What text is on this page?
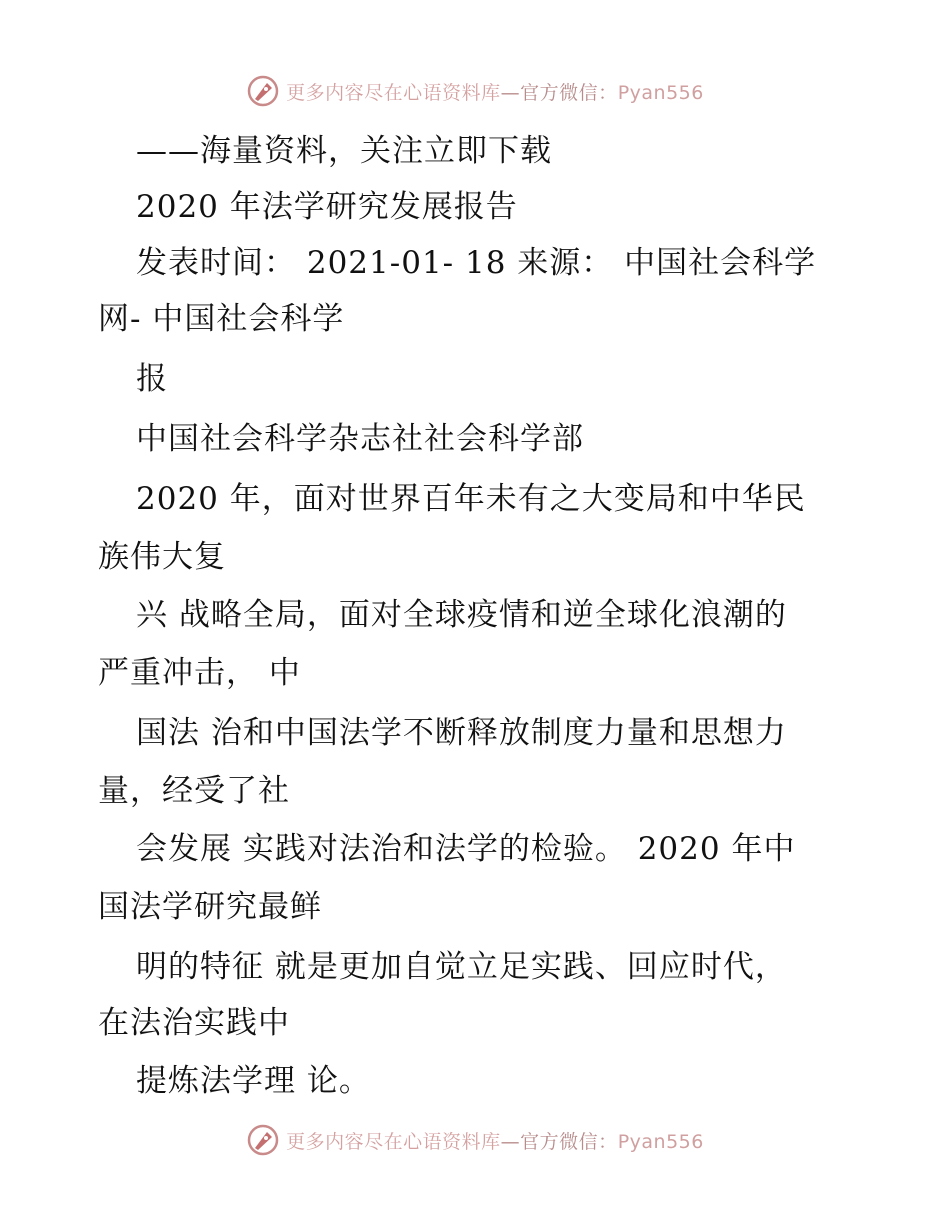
更多内容尽在心语资料库—官方微信：Pyan556
——海量资料，关注立即下载
2020 年法学研究发展报告
发表时间： 2021-01- 18 来源： 中国社会科学
网- 中国社会科学
报
中国社会科学杂志社社会科学部
2020 年，面对世界百年未有之大变局和中华民
族伟大复
兴 战略全局，面对全球疫情和逆全球化浪潮的
严重冲击， 中
国法 治和中国法学不断释放制度力量和思想力
量，经受了社
会发展 实践对法治和法学的检验。 2020 年中
国法学研究最鲜
明的特征 就是更加自觉立足实践、回应时代，
在法治实践中
提炼法学理 论。
更多内容尽在心语资料库—官方微信：Pyan556
